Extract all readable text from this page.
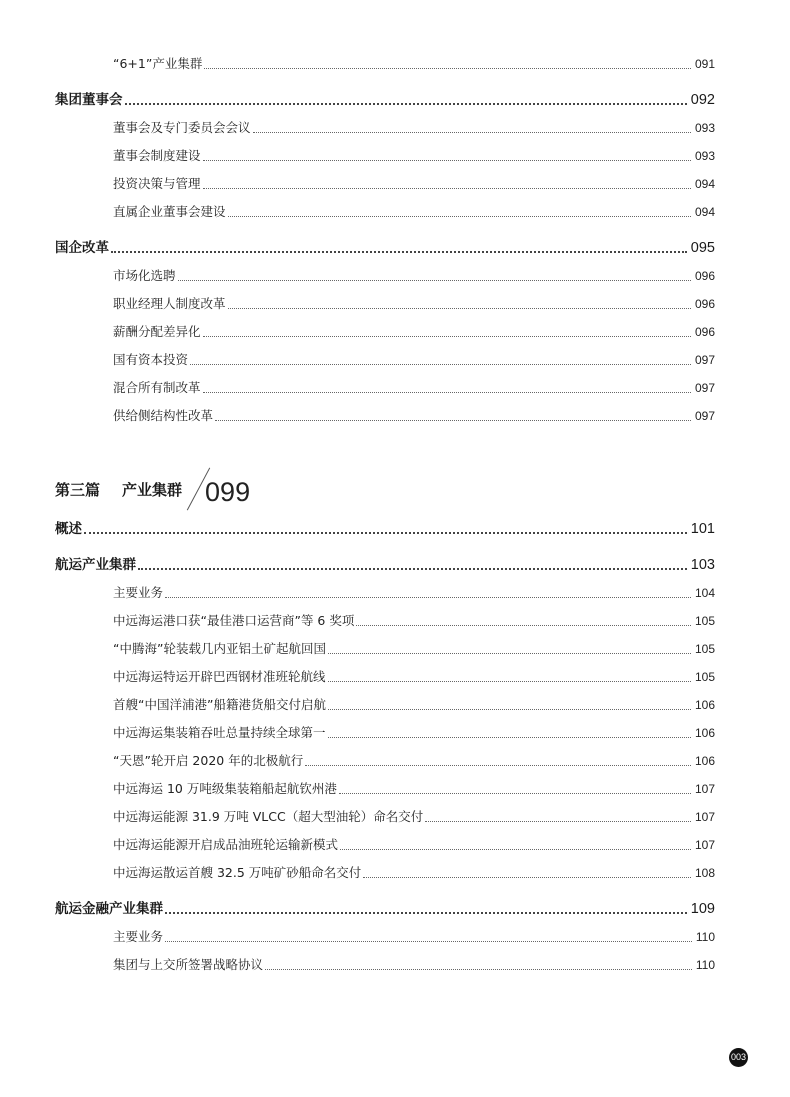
“6+1”产业集群	091
集团董事会	092
董事会及专门委员会会议	093
董事会制度建设	093
投资决策与管理	094
直属企业董事会建设	094
国企改革	095
市场化选聘	096
职业经理人制度改革	096
薪酬分配差异化	096
国有资本投资	097
混合所有制改革	097
供给侧结构性改革	097
第三篇 产业集群 099
概述	101
航运产业集群	103
主要业务	104
中远海运港口获“最佳港口运营商”等 6 奖项	105
“中腾海”轮装载几内亚铝土矿起航回国	105
中远海运特运开辟巴西钢材准班轮航线	105
首艘“中国洋浦港”船籍港货船交付启航	106
中远海运集装箱吞吐总量持续全球第一	106
“天恩”轮开启 2020 年的北极航行	106
中远海运 10 万吨级集装箱船起航钦州港	107
中远海运能源 31.9 万吨 VLCC（超大型油轮）命名交付	107
中远海运能源开启成品油班轮运输新模式	107
中远海运散运首艘 32.5 万吨矿砂船命名交付	108
航运金融产业集群	109
主要业务	110
集团与上交所签署战略协议	110
003
